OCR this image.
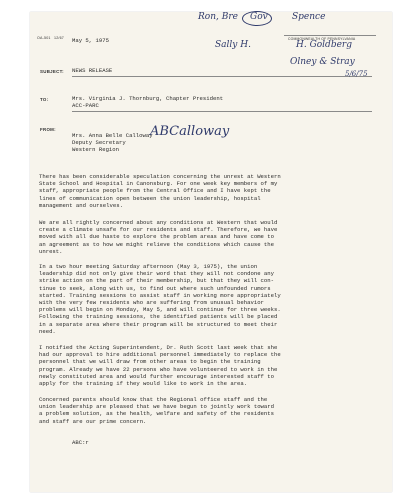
OA-501 12/67	COMMONWEALTH OF PENNSYLVANIA
May 5, 1975
SUBJECT: NEWS RELEASE
TO:	Mrs. Virginia J. Thornburg, Chapter President
ACC-PARC
FROM:
Mrs. Anna Belle Calloway
Deputy Secretary
Western Region
ABCalloway
Ron, Bre Gov	Spence
Sally H.	H. Goldberg
Olney & Stray
5/6/75
There has been considerable speculation concerning the unrest at Western
State School and Hospital in Canonsburg. For one week key members of my
staff, appropriate people from the Central Office and I have kept the
lines of communication open between the union leadership, hospital
management and ourselves.
We are all rightly concerned about any conditions at Western that would
create a climate unsafe for our residents and staff. Therefore, we have
moved with all due haste to explore the problem areas and have come to
an agreement as to how we might relieve the conditions which cause the
unrest.
In a two hour meeting Saturday afternoon (May 3, 1975), the union
leadership did not only give their word that they will not condone any
strike action on the part of their membership, but that they will con-
tinue to seek, along with us, to find out where such unfounded rumors
started. Training sessions to assist staff in working more appropriately
with the very few residents who are suffering from unusual behavior
problems will begin on Monday, May 5, and will continue for three weeks.
Following the training sessions, the identified patients will be placed
in a separate area where their program will be structured to meet their
need.
I notified the Acting Superintendent, Dr. Ruth Scott last week that she
had our approval to hire additional personnel immediately to replace the
personnel that we will draw from other areas to begin the training
program. Already we have 22 persons who have volunteered to work in the
newly constituted area and would further encourage interested staff to
apply for the training if they would like to work in the area.
Concerned parents should know that the Regional office staff and the
union leadership are pleased that we have begun to jointly work toward
a problem solution, as the health, welfare and safety of the residents
and staff are our prime concern.
ABC:r
